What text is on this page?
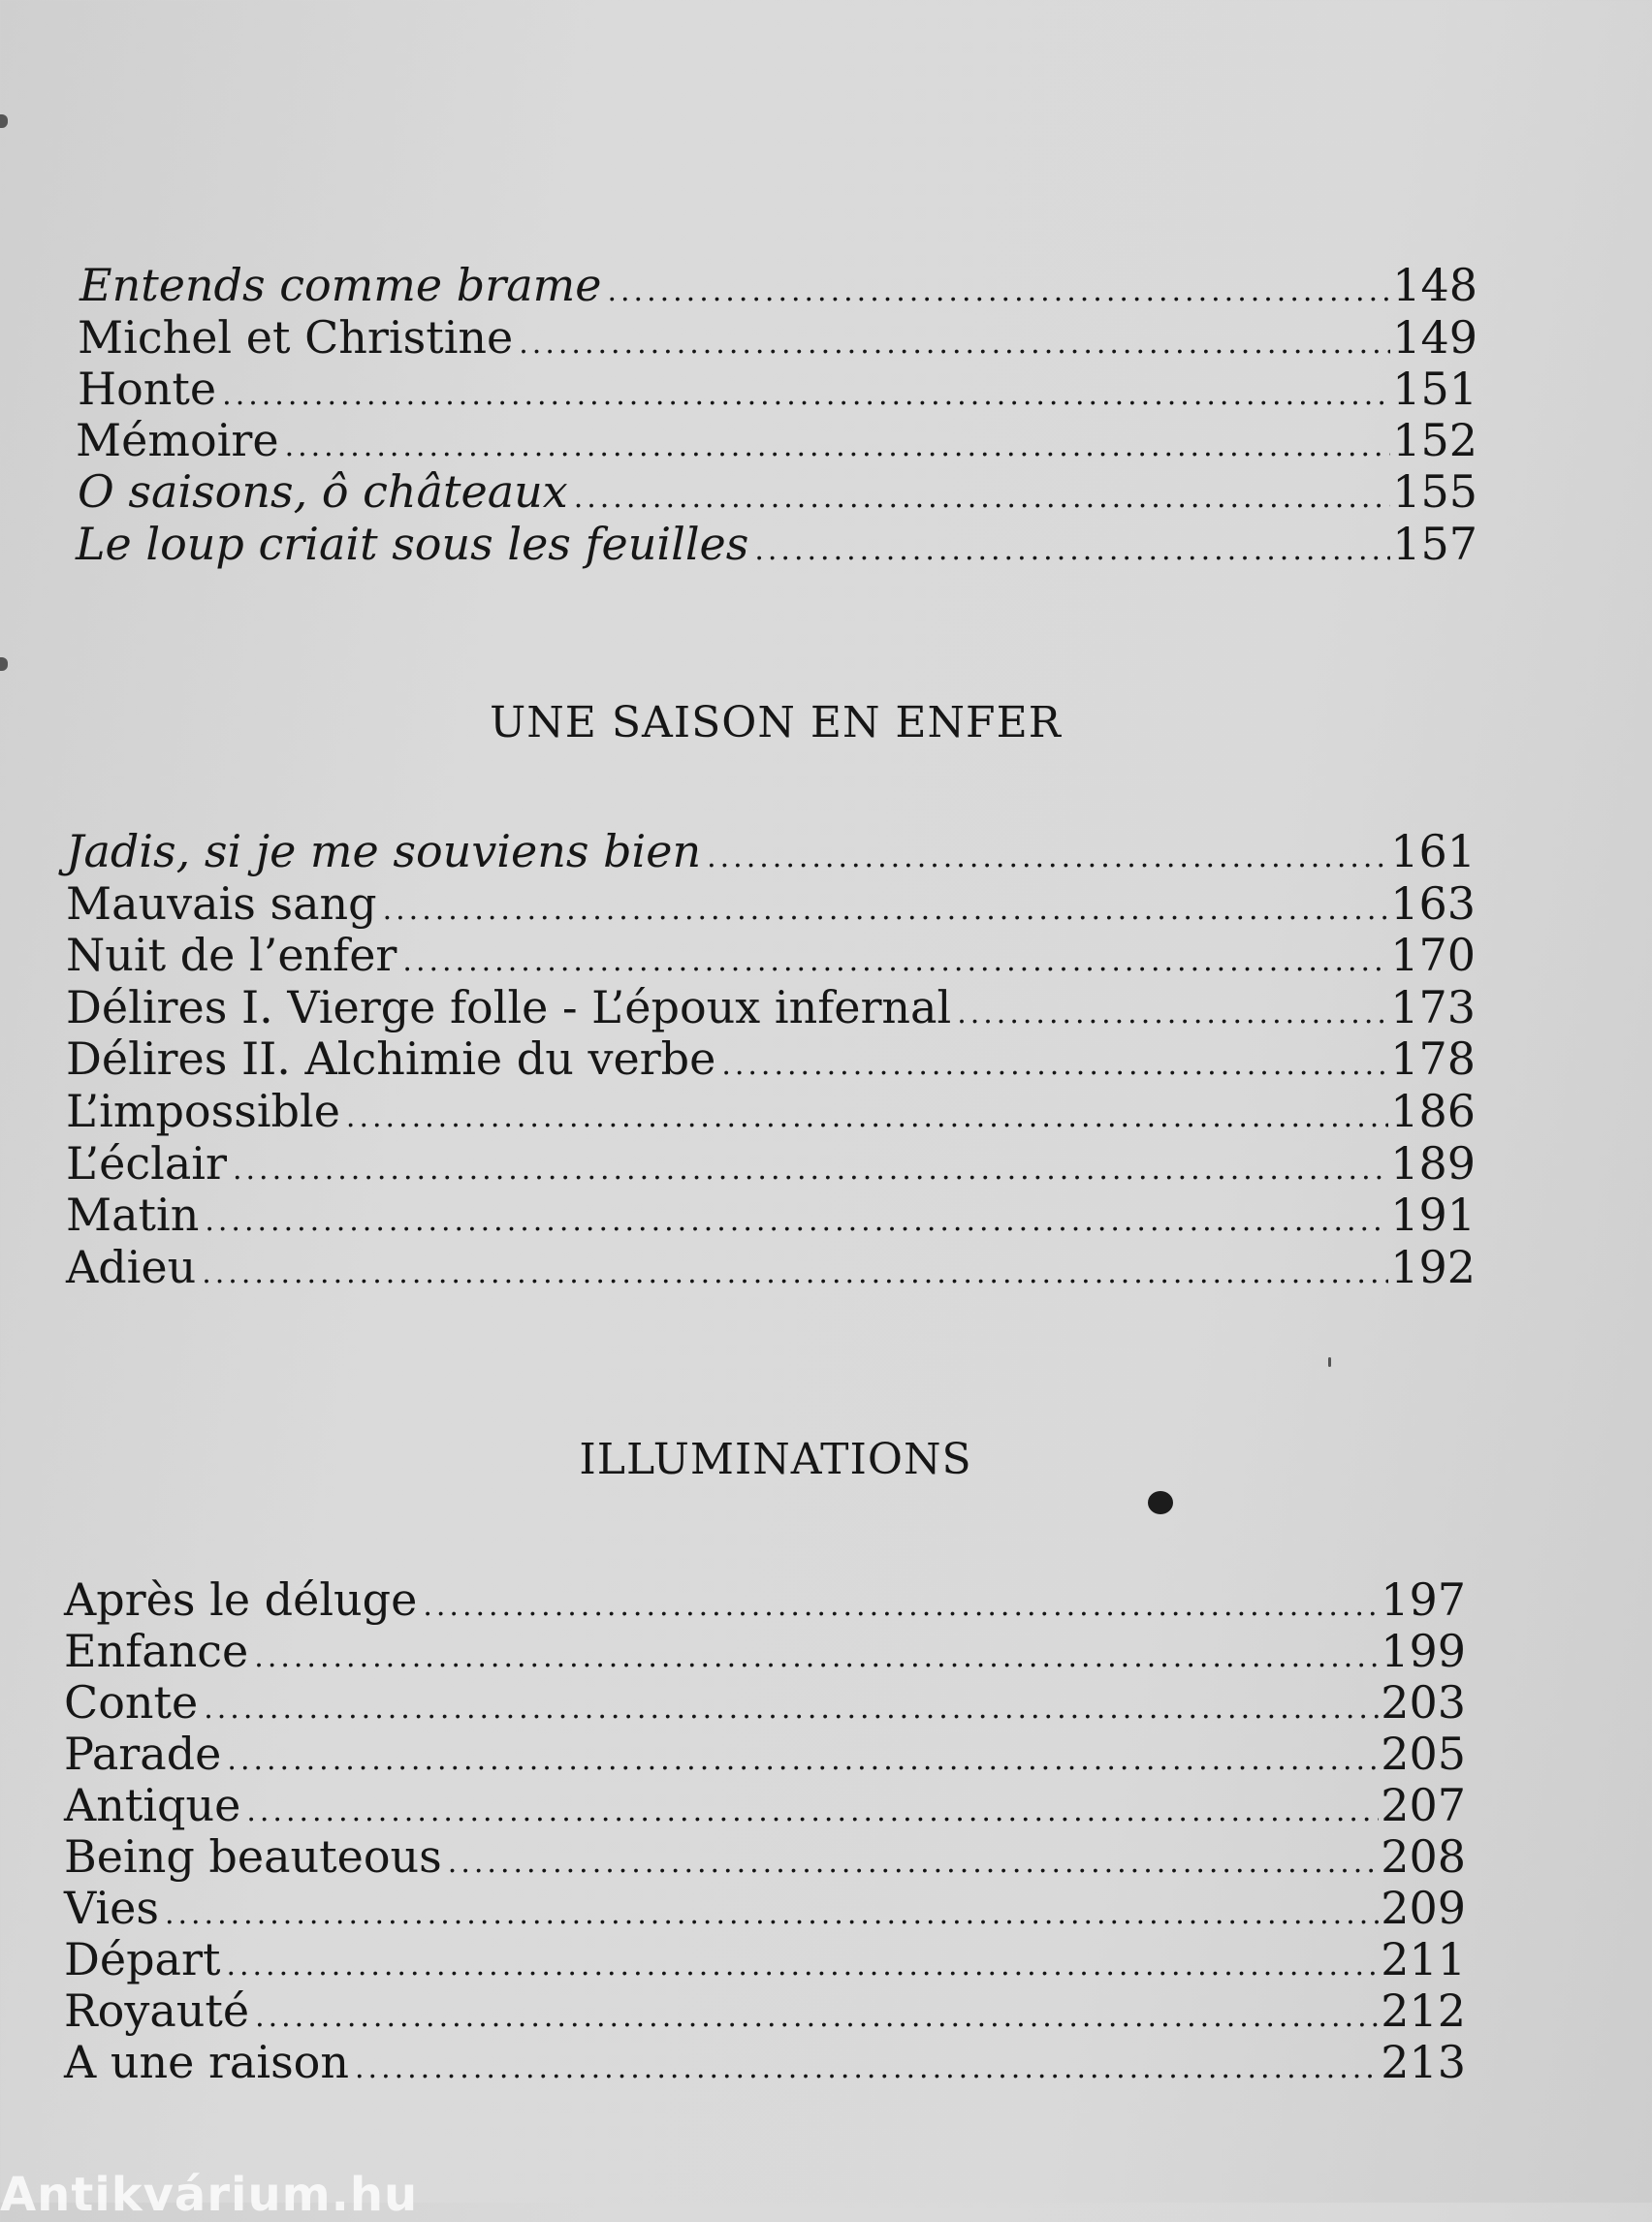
Entends comme brame .....	148
Michel et Christine .....	149
Honte .....	151
Mémoire .....	152
O saisons, ô châteaux .....	155
Le loup criait sous les feuilles .....	157
UNE SAISON EN ENFER
Jadis, si je me souviens bien .....	161
Mauvais sang .....	163
Nuit de l’enfer .....	170
Délires I. Vierge folle - L’époux infernal .....	173
Délires II. Alchimie du verbe .....	178
L’impossible .....	186
L’éclair .....	189
Matin .....	191
Adieu .....	192
ILLUMINATIONS
Après le déluge .....	197
Enfance .....	199
Conte .....	203
Parade .....	205
Antique .....	207
Being beauteous .....	208
Vies .....	209
Départ .....	211
Royauté .....	212
A une raison .....	213
Antikvárium.hu
